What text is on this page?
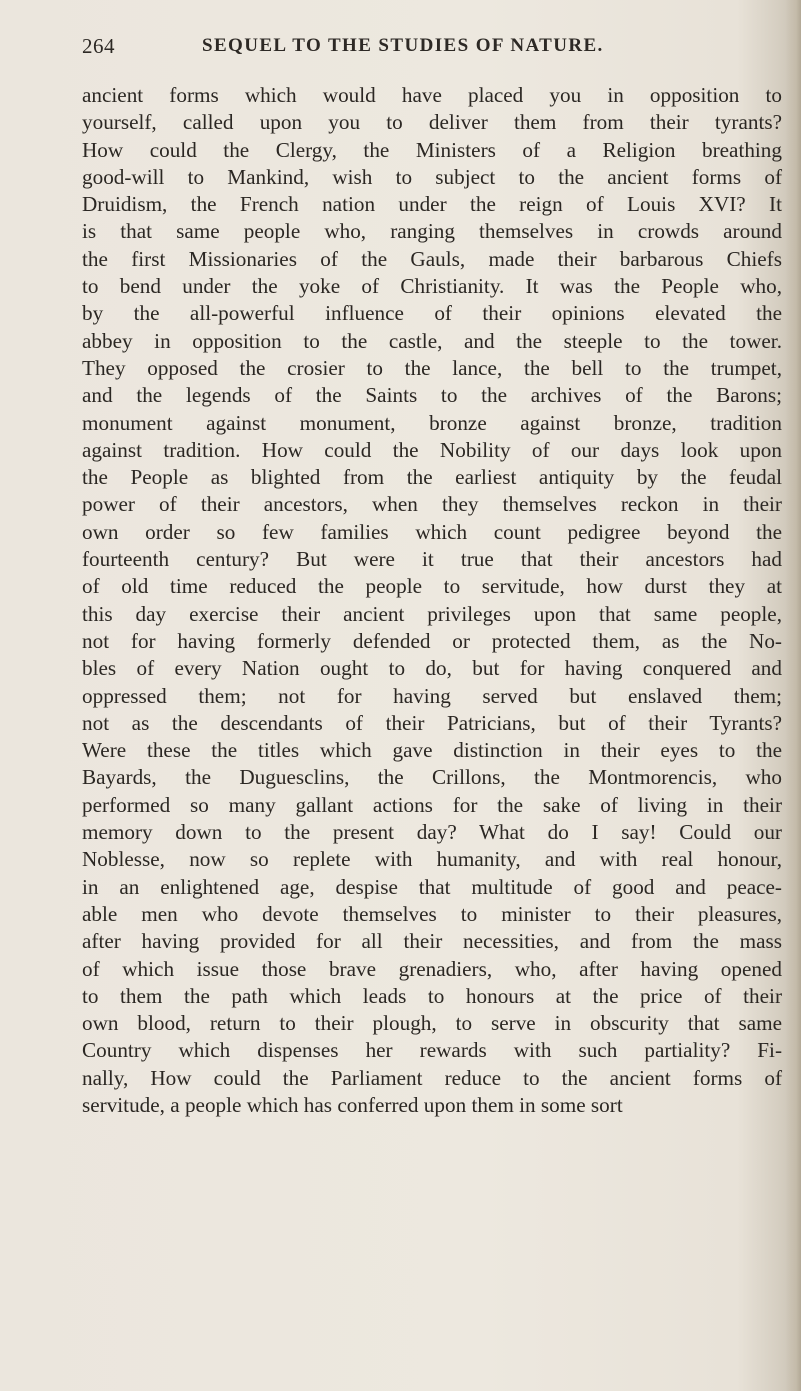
264	SEQUEL TO THE STUDIES OF NATURE.
ancient forms which would have placed you in opposition to
yourself, called upon you to deliver them from their tyrants?
How could the Clergy, the Ministers of a Religion breathing
good-will to Mankind, wish to subject to the ancient forms of
Druidism, the French nation under the reign of Louis XVI? It
is that same people who, ranging themselves in crowds around
the first Missionaries of the Gauls, made their barbarous Chiefs
to bend under the yoke of Christianity. It was the People who,
by the all-powerful influence of their opinions elevated the
abbey in opposition to the castle, and the steeple to the tower.
They opposed the crosier to the lance, the bell to the trumpet,
and the legends of the Saints to the archives of the Barons;
monument against monument, bronze against bronze, tradition
against tradition. How could the Nobility of our days look upon
the People as blighted from the earliest antiquity by the feudal
power of their ancestors, when they themselves reckon in their
own order so few families which count pedigree beyond the
fourteenth century? But were it true that their ancestors had
of old time reduced the people to servitude, how durst they at
this day exercise their ancient privileges upon that same people,
not for having formerly defended or protected them, as the No-
bles of every Nation ought to do, but for having conquered and
oppressed them; not for having served but enslaved them;
not as the descendants of their Patricians, but of their Tyrants?
Were these the titles which gave distinction in their eyes to the
Bayards, the Duguesclins, the Crillons, the Montmorencis, who
performed so many gallant actions for the sake of living in their
memory down to the present day? What do I say! Could our
Noblesse, now so replete with humanity, and with real honour,
in an enlightened age, despise that multitude of good and peace-
able men who devote themselves to minister to their pleasures,
after having provided for all their necessities, and from the mass
of which issue those brave grenadiers, who, after having opened
to them the path which leads to honours at the price of their
own blood, return to their plough, to serve in obscurity that same
Country which dispenses her rewards with such partiality? Fi-
nally, How could the Parliament reduce to the ancient forms of
servitude, a people which has conferred upon them in some sort
